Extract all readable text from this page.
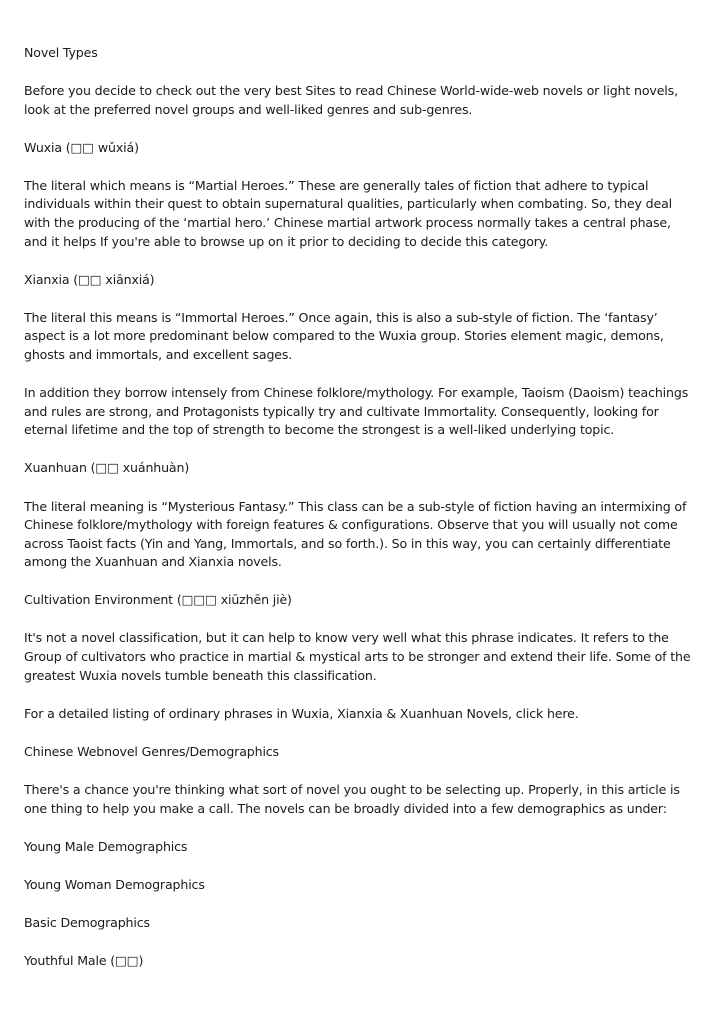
Novel Types

Before you decide to check out the very best Sites to read Chinese World-wide-web novels or light novels, look at the preferred novel groups and well-liked genres and sub-genres.

Wuxia (□□ wǔxiá)

The literal which means is “Martial Heroes.” These are generally tales of fiction that adhere to typical individuals within their quest to obtain supernatural qualities, particularly when combating. So, they deal with the producing of the ‘martial hero.’ Chinese martial artwork process normally takes a central phase, and it helps If you're able to browse up on it prior to deciding to decide this category.

Xianxia (□□ xiānxiá)

The literal this means is “Immortal Heroes.” Once again, this is also a sub-style of fiction. The ‘fantasy’ aspect is a lot more predominant below compared to the Wuxia group. Stories element magic, demons, ghosts and immortals, and excellent sages.

In addition they borrow intensely from Chinese folklore/mythology. For example, Taoism (Daoism) teachings and rules are strong, and Protagonists typically try and cultivate Immortality. Consequently, looking for eternal lifetime and the top of strength to become the strongest is a well-liked underlying topic.

Xuanhuan (□□ xuánhuàn)

The literal meaning is “Mysterious Fantasy.” This class can be a sub-style of fiction having an intermixing of Chinese folklore/mythology with foreign features & configurations. Observe that you will usually not come across Taoist facts (Yin and Yang, Immortals, and so forth.). So in this way, you can certainly differentiate among the Xuanhuan and Xianxia novels.

Cultivation Environment (□□□ xiūzhēn jiè)

It's not a novel classification, but it can help to know very well what this phrase indicates. It refers to the Group of cultivators who practice in martial & mystical arts to be stronger and extend their life. Some of the greatest Wuxia novels tumble beneath this classification.

For a detailed listing of ordinary phrases in Wuxia, Xianxia & Xuanhuan Novels, click here.

Chinese Webnovel Genres/Demographics

There's a chance you're thinking what sort of novel you ought to be selecting up. Properly, in this article is one thing to help you make a call. The novels can be broadly divided into a few demographics as under:

Young Male Demographics

Young Woman Demographics

Basic Demographics

Youthful Male (□□)
